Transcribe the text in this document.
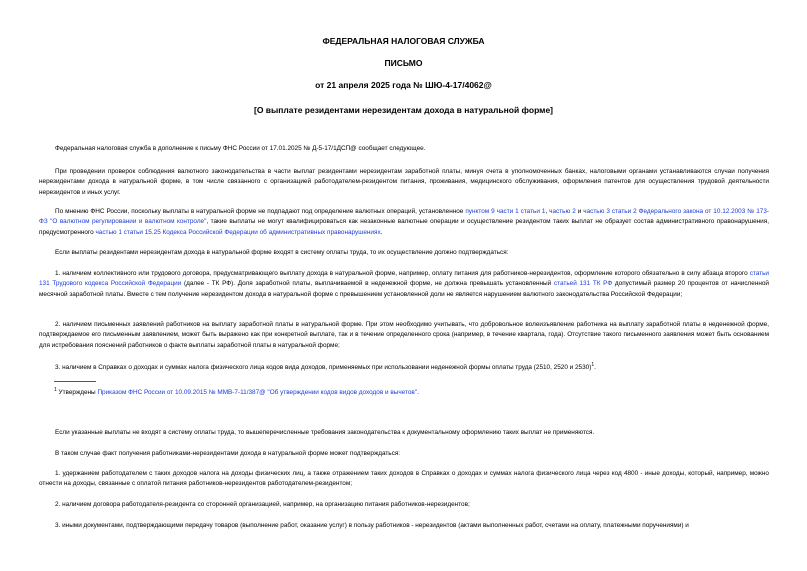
ФЕДЕРАЛЬНАЯ НАЛОГОВАЯ СЛУЖБА
ПИСЬМО
от 21 апреля 2025 года № ШЮ-4-17/4062@
[О выплате резидентами нерезидентам дохода в натуральной форме]
Федеральная налоговая служба в дополнение к письму ФНС России от 17.01.2025 № Д-5-17/1ДСП@ сообщает следующее.
При проведении проверок соблюдения валютного законодательства в части выплат резидентами нерезидентам заработной платы, минуя счета в уполномоченных банках, налоговыми органами устанавливаются случаи получения нерезидентами дохода в натуральной форме, в том числе связанного с организацией работодателем-резидентом питания, проживания, медицинского обслуживания, оформления патентов для осуществления трудовой деятельности нерезидентов и иных услуг.
По мнению ФНС России, поскольку выплаты в натуральной форме не подпадают под определение валютных операций, установленное пунктом 9 части 1 статьи 1, частью 2 и частью 3 статьи 2 Федерального закона от 10.12.2003 № 173-ФЗ "О валютном регулировании и валютном контроле", такие выплаты не могут квалифицироваться как незаконные валютные операции и осуществление резидентом таких выплат не образует состав административного правонарушения, предусмотренного частью 1 статьи 15.25 Кодекса Российской Федерации об административных правонарушениях.
Если выплаты резидентами нерезидентам дохода в натуральной форме входят в систему оплаты труда, то их осуществление должно подтверждаться:
1. наличием коллективного или трудового договора, предусматривающего выплату дохода в натуральной форме, например, оплату питания для работников-нерезидентов, оформление которого обязательно в силу абзаца второго статьи 131 Трудового кодекса Российской Федерации (далее - ТК РФ). Доля заработной платы, выплачиваемой в неденежной форме, не должна превышать установленный статьей 131 ТК РФ допустимый размер 20 процентов от начисленной месячной заработной платы. Вместе с тем получение нерезидентом дохода в натуральной форме с превышением установленной доли не является нарушением валютного законодательства Российской Федерации;
2. наличием письменных заявлений работников на выплату заработной платы в натуральной форме. При этом необходимо учитывать, что добровольное волеизъявление работника на выплату заработной платы в неденежной форме, подтверждаемое его письменным заявлением, может быть выражено как при конкретной выплате, так и в течение определенного срока (например, в течение квартала, года). Отсутствие такого письменного заявления может быть основанием для истребования пояснений работников о факте выплаты заработной платы в натуральной форме;
3. наличием в Справках о доходах и суммах налога физического лица кодов вида доходов, применяемых при использовании неденежной формы оплаты труда (2510, 2520 и 2530)$^1$.
$^1$ Утверждены Приказом ФНС России от 10.09.2015 № ММВ-7-11/387@ "Об утверждении кодов видов доходов и вычетов".
Если указанные выплаты не входят в систему оплаты труда, то вышеперечисленные требования законодательства к документальному оформлению таких выплат не применяются.
В таком случае факт получения работниками-нерезидентами дохода в натуральной форме может подтверждаться:
1. удержанием работодателем с таких доходов налога на доходы физических лиц, а также отражением таких доходов в Справках о доходах и суммах налога физического лица через код 4800 - иные доходы, который, например, можно отнести на доходы, связанные с оплатой питания работников-нерезидентов работодателем-резидентом;
2. наличием договора работодателя-резидента со сторонней организацией, например, на организацию питания работников-нерезидентов;
3. иными документами, подтверждающими передачу товаров (выполнение работ, оказание услуг) в пользу работников - нерезидентов (актами выполненных работ, счетами на оплату, платежными поручениями) и
